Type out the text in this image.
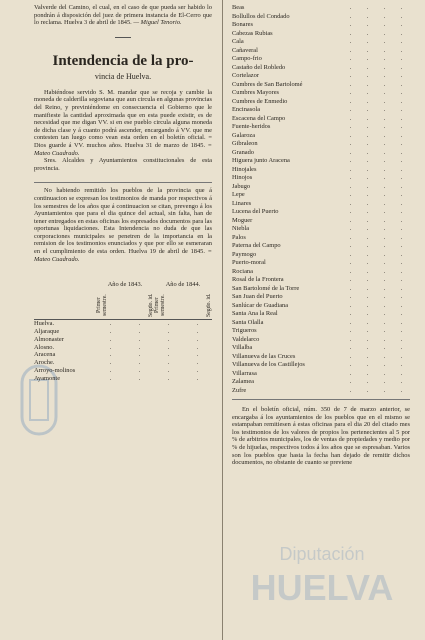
Diputación
HUELVA

Valverde del Camino, el cual, en el caso de que pueda ser habido lo pondrán á disposición del juez de primera instancia de El-Cerro que lo reclama. Huelva 3 de abril de 1845. — Miguel Tenorio.

Intendencia de la pro-
vincia de Huelva.

Habiéndose servido S. M. mandar que se recoja y cambie la moneda de calderilla segoviana que aun circula en algunas provincias del Reino, y previniéndome en consecuencia el Gobierno que le manifieste la cantidad aproximada que en esta puede existir, es de necesidad que me digan VV. si en ese pueblo circula alguna moneda de dicha clase y á cuanto podrá ascender, encargando á VV. que me contesten tan luego como vean esta orden en el boletín oficial. = Dios guarde á VV. muchos años. Huelva 31 de marzo de 1845. = Mateo Cuadrado.

Sres. Alcaldes y Ayuntamientos constitucionales de esta provincia.

No habiendo remitido los pueblos de la provincia que á continuacion se expresan los testimonios de manda por respectivos á los semestres de los años que á continuacion se citan, prevengo á los Ayuntamientos que para el dia quince del actual, sin falta, han de tener entregados en estas oficinas los espresados documentos para las oportunas liquidaciones. Esta Intendencia no duda de que las corporaciones municipales se penetren de la importancia en la remision de los testimonios enunciados y que por ello se esmeraran en el cumplimiento de esta orden. Huelva 19 de abril de 1845. = Mateo Cuadrado.

Año de 1843.
Primer semestre.	Segdo. id.
Año de 1844.
Primer semestre.	Segdo. id.
Huelva.	.	.	.	.
Aljaraque	.	.	.	.
Almonaster	.	.	.	.
Alosno.	.	.	.	.
Aracena	.	.	.	.
Aroche.	.	.	.	.
Arroyo-molinos	.	.	.	.
Ayamonte	.	.	.	.
Beas	. . . .
Bollullos del Condado	. . . .
Bonares	. . . .
Cabezas Rubias	. . . .
Cala	. . . .
Cañaveral	. . . .
Campo-frio	. . . .
Castaño del Robledo	. . . .
Cortelazor	. . . .
Cumbres de San Bartolomé	. . . .
Cumbres Mayores	. . . .
Cumbres de Enmedio	. . . .
Encinasola	. . . .
Escacena del Campo	. . . .
Fuente-heridos	. . . .
Galaroza	. . . .
Gibraleon	. . . .
Granado	. . . .
Higuera junto Aracena	. . . .
Hinojales	. . . .
Hinojos	. . . .
Jabugo	. . . .
Lepe	. . . .
Linares	. . . .
Lucena del Puerto	. . . .
Moguer	. . . .
Niebla	. . . .
Palos	. . . .
Paterna del Campo	. . . .
Paymogo	. . . .
Puerto-moral	. . . .
Rociana	. . . .
Rosal de la Frontera	. . . .
San Bartolomé de la Torre	. . . .
San Juan del Puerto	. . . .
Sanlúcar de Guadiana	. . . .
Santa Ana la Real	. . . .
Santa Olalla	. . . .
Trigueros	. . . .
Valdelarco	. . . .
Villalba	. . . .
Villanueva de las Cruces	. . . .
Villanueva de los Castillejos	. . . .
Villarrasa	. . . .
Zalamea	. . . .
Zufre	. . . .

En el boletín oficial, núm. 350 de 7 de marzo anterior, se encargaba á los ayuntamientos de los pueblos que en el mismo se estampaban remitiesen á estas oficinas para el dia 20 del citado mes los testimonios de los valores de propios los pertenecientes al 5 por % de arbitrios municipales, los de ventas de propiedades y medio por % de hijuelas, respectivos todos á los años que se espresaban. Varios son los pueblos que hasta la fecha han dejado de remitir dichos documentos, no obstante de cuanto se previene
